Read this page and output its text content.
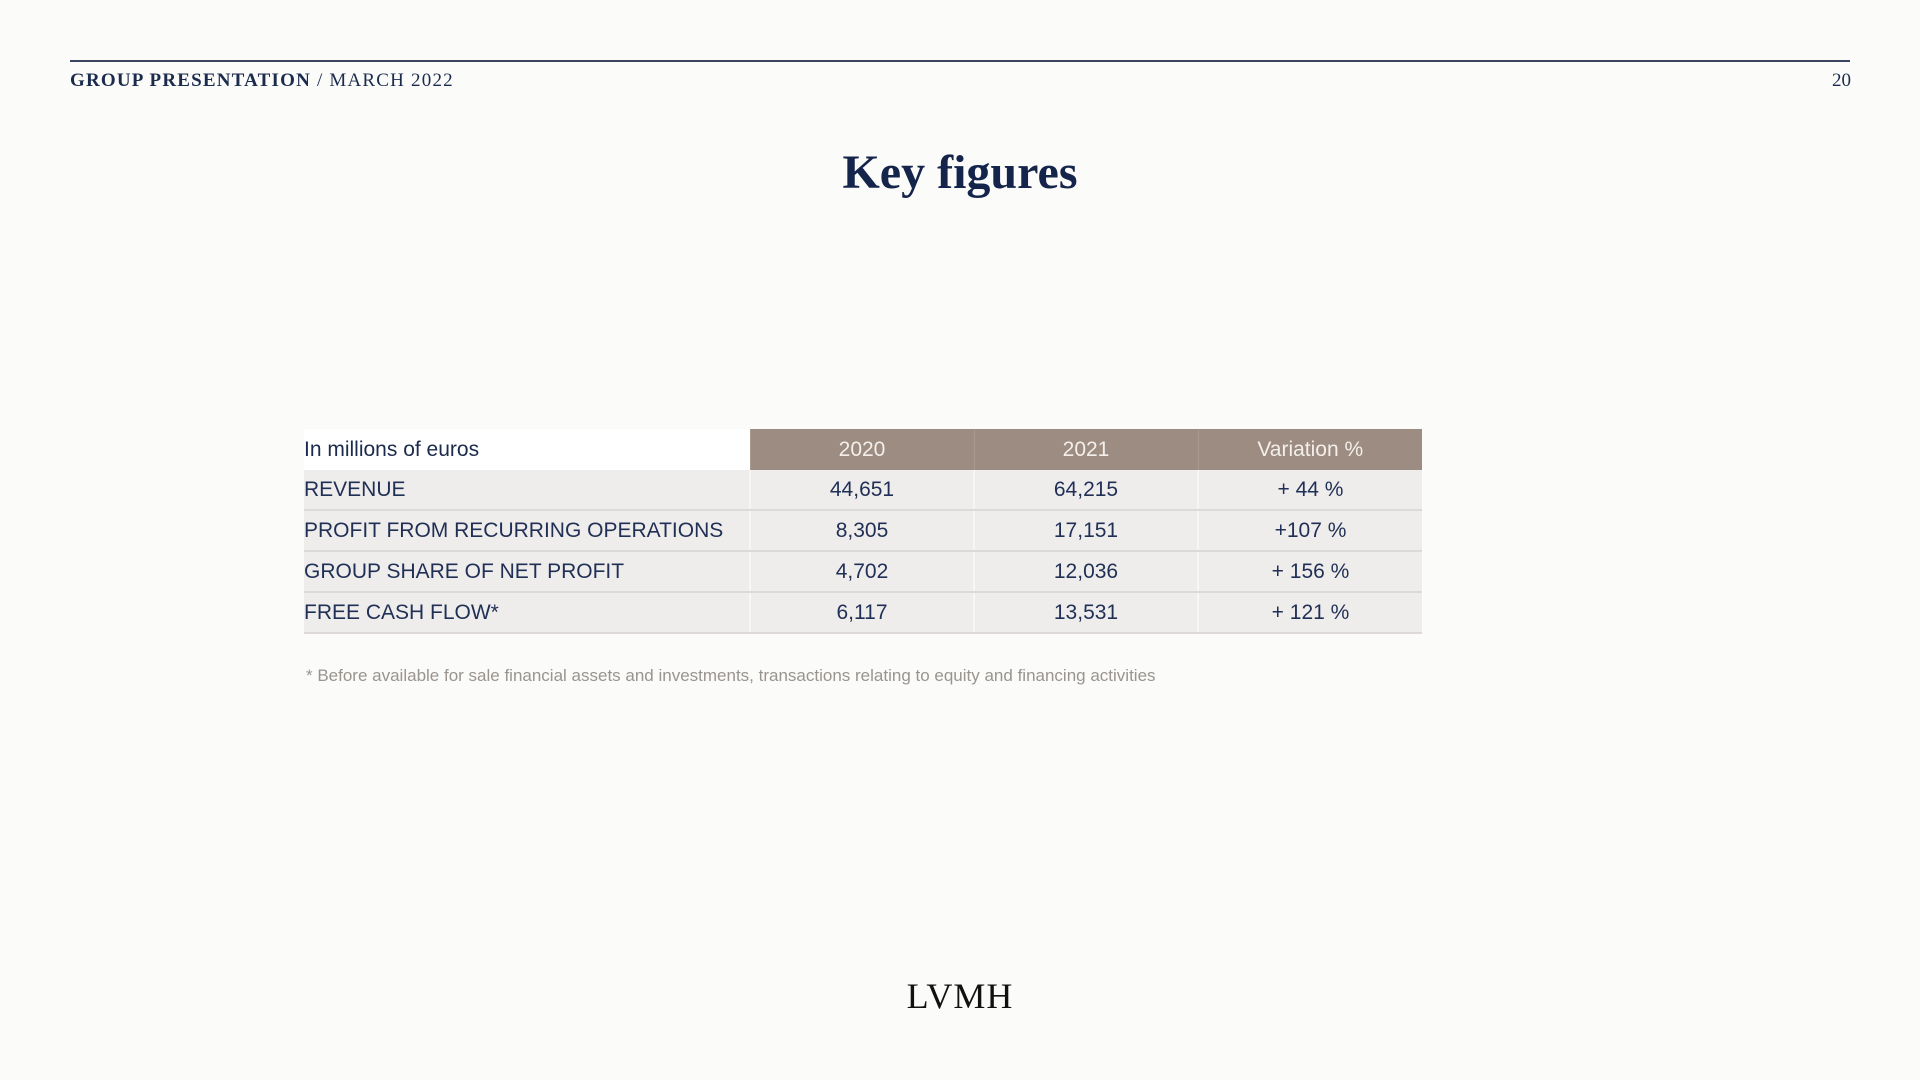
GROUP PRESENTATION / MARCH 2022	20
Key figures
In millions of euros	2020	2021	Variation %
REVENUE	44,651	64,215	+ 44 %
PROFIT FROM RECURRING OPERATIONS	8,305	17,151	+107 %
GROUP SHARE OF NET PROFIT	4,702	12,036	+ 156 %
FREE CASH FLOW*	6,117	13,531	+ 121 %
* Before available for sale financial assets and investments, transactions relating to equity and financing activities
LVMH
